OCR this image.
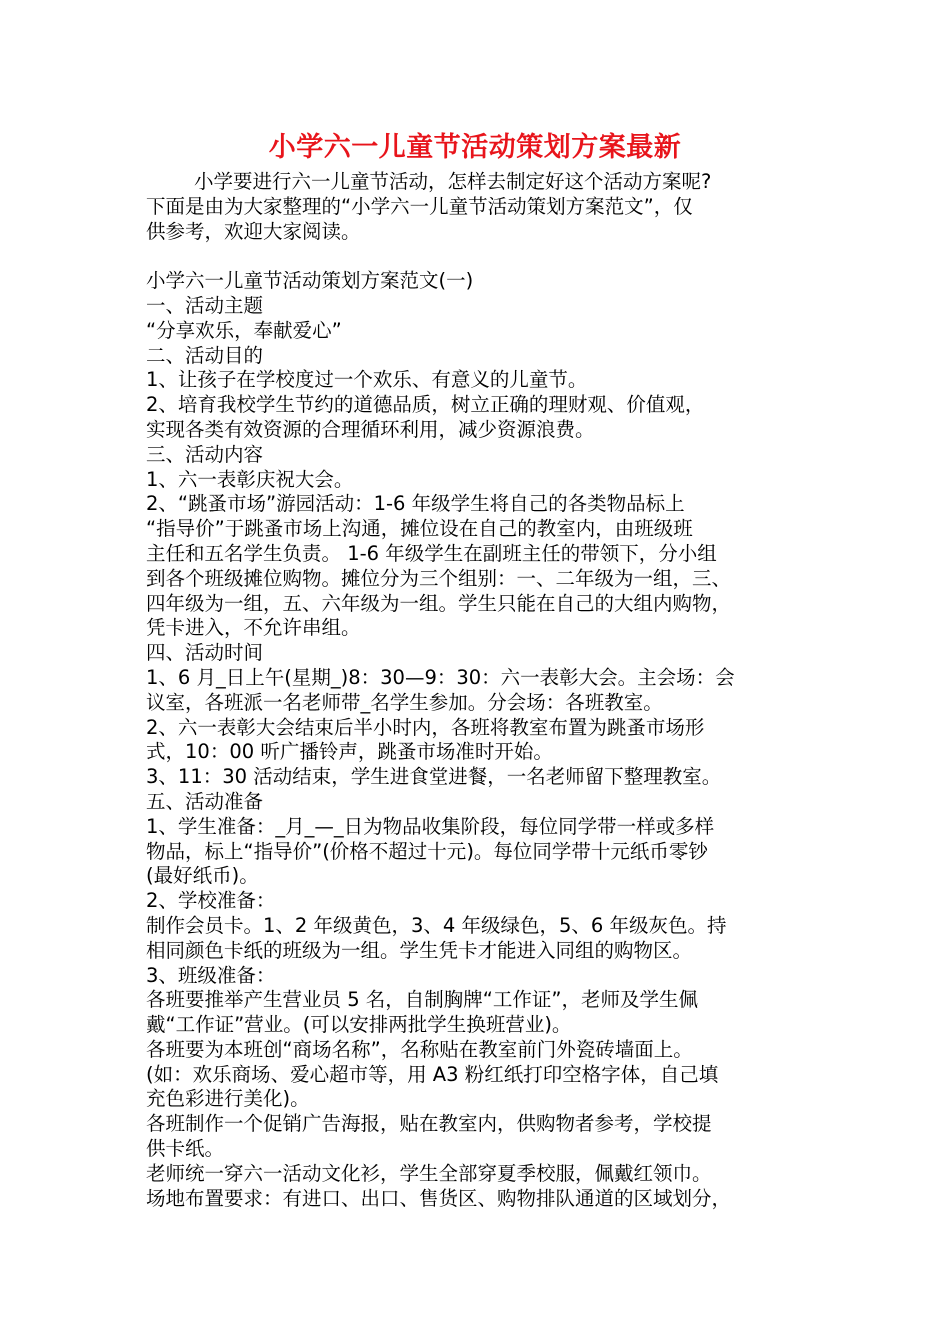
小学六一儿童节活动策划方案最新
小学要进行六一儿童节活动，怎样去制定好这个活动方案呢?
下面是由为大家整理的“小学六一儿童节活动策划方案范文”，仅
供参考，欢迎大家阅读。
小学六一儿童节活动策划方案范文(一)
一、活动主题
“分享欢乐，奉献爱心”
二、活动目的
1、让孩子在学校度过一个欢乐、有意义的儿童节。
2、培育我校学生节约的道德品质，树立正确的理财观、价值观，
实现各类有效资源的合理循环利用，减少资源浪费。
三、活动内容
1、六一表彰庆祝大会。
2、“跳蚤市场”游园活动：1-6 年级学生将自己的各类物品标上
“指导价”于跳蚤市场上沟通，摊位设在自己的教室内，由班级班
主任和五名学生负责。 1-6 年级学生在副班主任的带领下，分小组
到各个班级摊位购物。摊位分为三个组别：一、二年级为一组，三、
四年级为一组，五、六年级为一组。学生只能在自己的大组内购物，
凭卡进入，不允许串组。
四、活动时间
1、6 月_日上午(星期_)8：30—9：30：六一表彰大会。主会场：会
议室，各班派一名老师带_名学生参加。分会场：各班教室。
2、六一表彰大会结束后半小时内，各班将教室布置为跳蚤市场形
式，10：00 听广播铃声，跳蚤市场准时开始。
3、11：30 活动结束，学生进食堂进餐，一名老师留下整理教室。
五、活动准备
1、学生准备：_月_—_日为物品收集阶段，每位同学带一样或多样
物品，标上“指导价”(价格不超过十元)。每位同学带十元纸币零钞
(最好纸币)。
2、学校准备：
制作会员卡。1、2 年级黄色，3、4 年级绿色，5、6 年级灰色。持
相同颜色卡纸的班级为一组。学生凭卡才能进入同组的购物区。
3、班级准备：
各班要推举产生营业员 5 名，自制胸牌“工作证”，老师及学生佩
戴“工作证”营业。(可以安排两批学生换班营业)。
各班要为本班创“商场名称”，名称贴在教室前门外瓷砖墙面上。
(如：欢乐商场、爱心超市等，用 A3 粉红纸打印空格字体，自己填
充色彩进行美化)。
各班制作一个促销广告海报，贴在教室内，供购物者参考，学校提
供卡纸。
老师统一穿六一活动文化衫，学生全部穿夏季校服，佩戴红领巾。
场地布置要求：有进口、出口、售货区、购物排队通道的区域划分，
